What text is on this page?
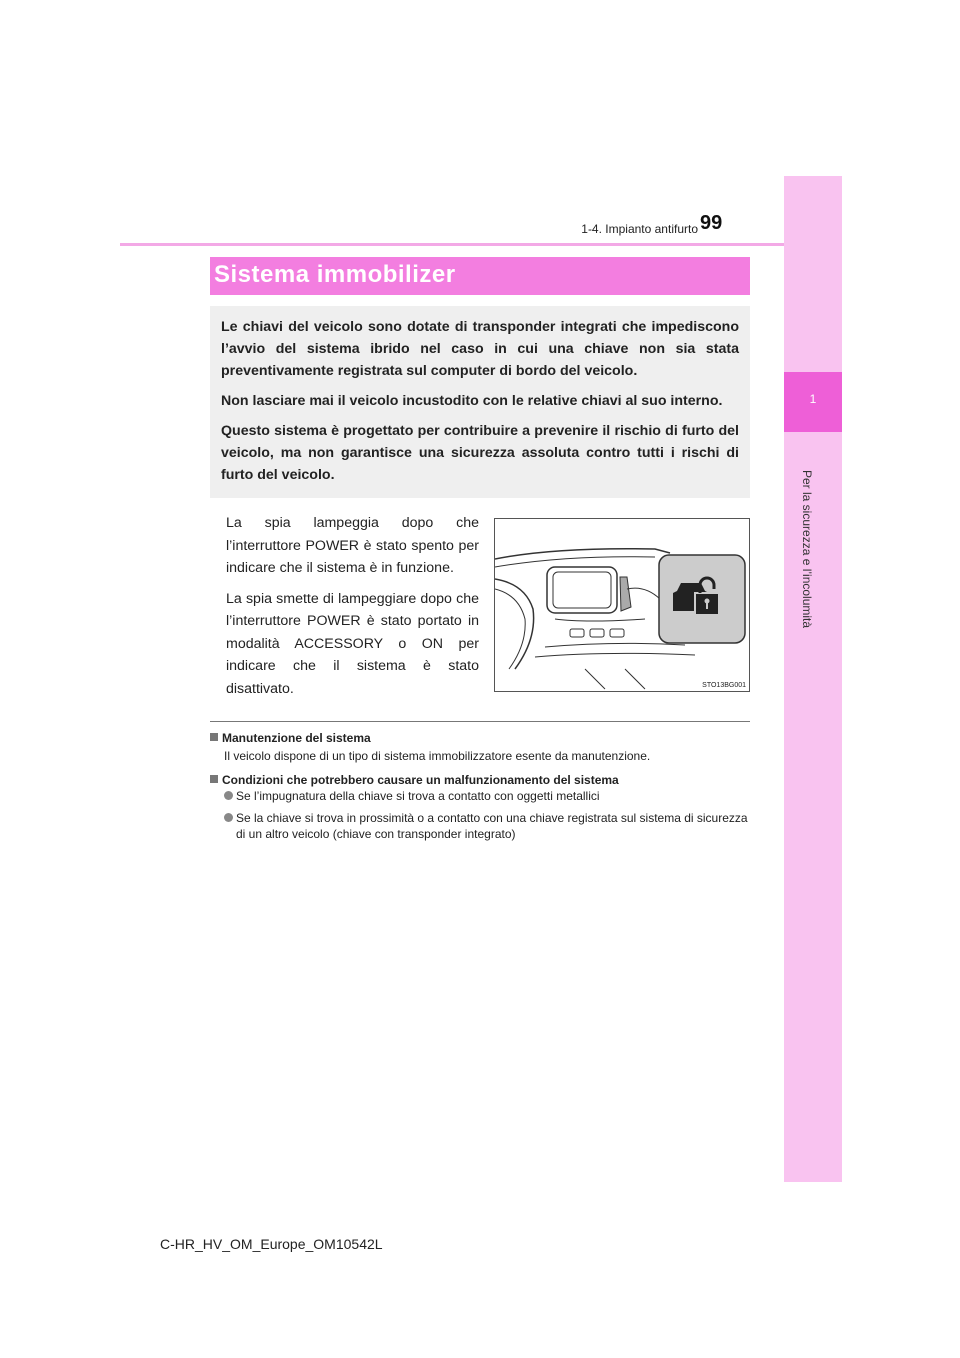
1
Per la sicurezza e l’incolumità
1-4. Impianto antifurto 99
Sistema immobilizer

Le chiavi del veicolo sono dotate di transponder integrati che impediscono l’avvio del sistema ibrido nel caso in cui una chiave non sia stata preventivamente registrata sul computer di bordo del veicolo.

Non lasciare mai il veicolo incustodito con le relative chiavi al suo interno.

Questo sistema è progettato per contribuire a prevenire il rischio di furto del veicolo, ma non garantisce una sicurezza assoluta contro tutti i rischi di furto del veicolo.

La spia lampeggia dopo che l’interruttore POWER è stato spento per indicare che il sistema è in funzione.

La spia smette di lampeggiare dopo che l’interruttore POWER è stato portato in modalità ACCESSORY o ON per indicare che il sistema è stato disattivato.	STO13BG001

Manutenzione del sistema

Il veicolo dispone di un tipo di sistema immobilizzatore esente da manutenzione.

Condizioni che potrebbero causare un malfunzionamento del sistema

Se l’impugnatura della chiave si trova a contatto con oggetti metallici

Se la chiave si trova in prossimità o a contatto con una chiave registrata sul sistema di sicurezza di un altro veicolo (chiave con transponder integrato)

C-HR_HV_OM_Europe_OM10542L
